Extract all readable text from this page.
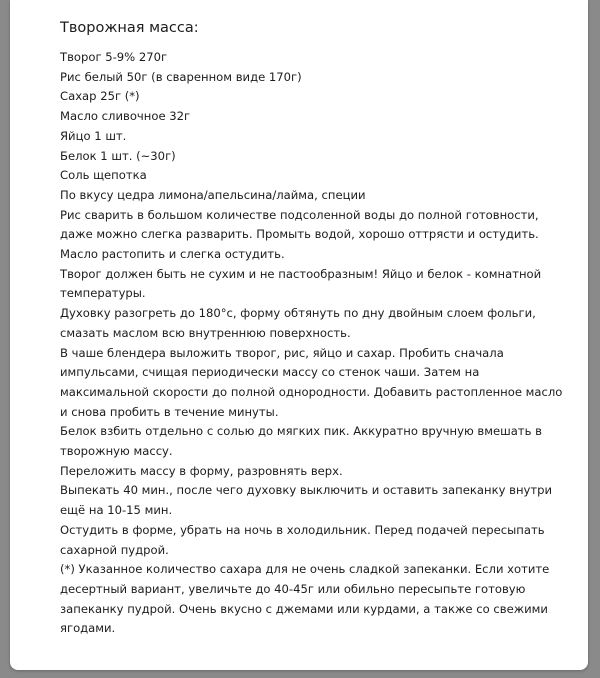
Творожная масса:
Творог 5-9% 270г
Рис белый 50г (в сваренном виде 170г)
Сахар 25г (*)
Масло сливочное 32г
Яйцо 1 шт.
Белок 1 шт. (~30г)
Соль щепотка
По вкусу цедра лимона/апельсина/лайма, специи
Рис сварить в большом количестве подсоленной воды до полной готовности,
даже можно слегка разварить. Промыть водой, хорошо оттрясти и остудить.
Масло растопить и слегка остудить.
Творог должен быть не сухим и не пастообразным! Яйцо и белок - комнатной
температуры.
Духовку разогреть до 180°с, форму обтянуть по дну двойным слоем фольги,
смазать маслом всю внутреннюю поверхность.
В чаше блендера выложить творог, рис, яйцо и сахар. Пробить сначала
импульсами, счищая периодически массу со стенок чаши. Затем на
максимальной скорости до полной однородности. Добавить растопленное масло
и снова пробить в течение минуты.
Белок взбить отдельно с солью до мягких пик. Аккуратно вручную вмешать в
творожную массу.
Переложить массу в форму, разровнять верх.
Выпекать 40 мин., после чего духовку выключить и оставить запеканку внутри
ещё на 10-15 мин.
Остудить в форме, убрать на ночь в холодильник. Перед подачей пересыпать
сахарной пудрой.
(*) Указанное количество сахара для не очень сладкой запеканки. Если хотите
десертный вариант, увеличьте до 40-45г или обильно пересыпьте готовую
запеканку пудрой. Очень вкусно с джемами или курдами, а также со свежими
ягодами.
